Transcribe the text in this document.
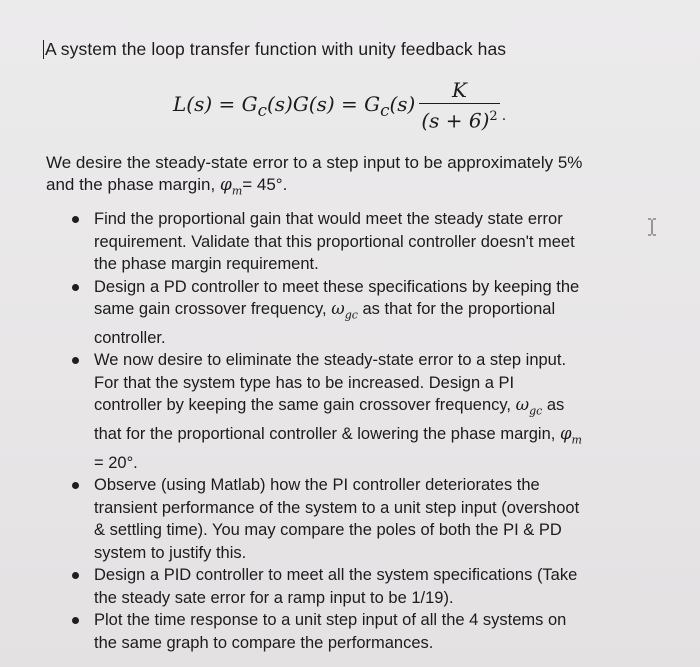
A system the loop transfer function with unity feedback has
$L(s) = G_c(s)G(s) = G_c(s) \frac{K}{(s + 6)^2}$ .

We desire the steady-state error to a step input to be approximately 5%

and the phase margin, $\varphi_m= 45^\circ$.

Find the proportional gain that would meet the steady state error
requirement. Validate that this proportional controller doesn't meet
the phase margin requirement.
Design a PD controller to meet these specifications by keeping the
same gain crossover frequency, $\omega_{gc}$ as that for the proportional
controller.
We now desire to eliminate the steady-state error to a step input.
For that the system type has to be increased. Design a PI
controller by keeping the same gain crossover frequency, $\omega_{gc}$ as
that for the proportional controller & lowering the phase margin, $\varphi_m$
= 20°.
Observe (using Matlab) how the PI controller deteriorates the
transient performance of the system to a unit step input (overshoot
& settling time). You may compare the poles of both the PI & PD
system to justify this.
Design a PID controller to meet all the system specifications (Take
the steady sate error for a ramp input to be 1/19).
Plot the time response to a unit step input of all the 4 systems on
the same graph to compare the performances.
